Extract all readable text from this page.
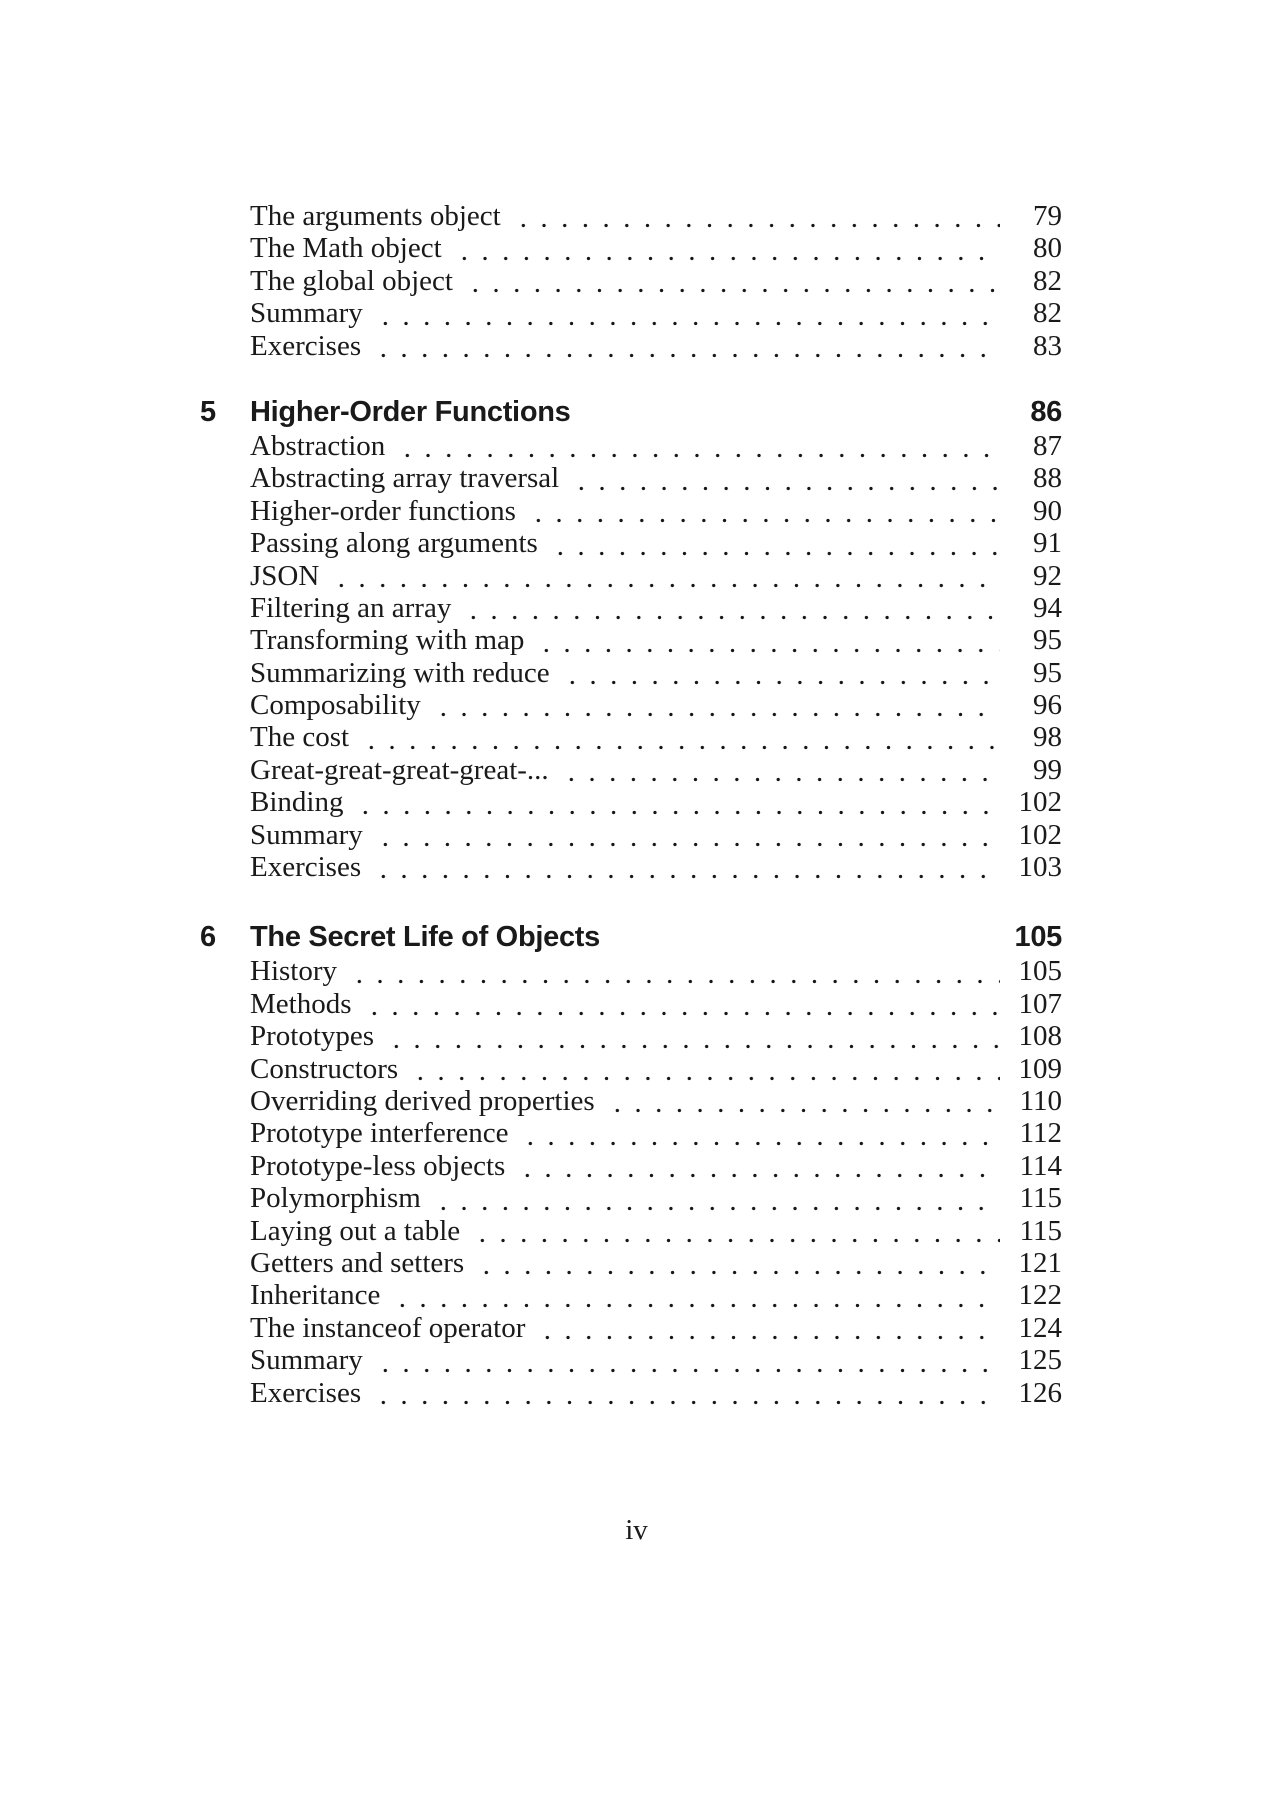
The arguments object	79
The Math object	80
The global object	82
Summary	82
Exercises	83
5 Higher-Order Functions	86
Abstraction	87
Abstracting array traversal	88
Higher-order functions	90
Passing along arguments	91
JSON	92
Filtering an array	94
Transforming with map	95
Summarizing with reduce	95
Composability	96
The cost	98
Great-great-great-great-...	99
Binding	102
Summary	102
Exercises	103
6 The Secret Life of Objects	105
History	105
Methods	107
Prototypes	108
Constructors	109
Overriding derived properties	110
Prototype interference	112
Prototype-less objects	114
Polymorphism	115
Laying out a table	115
Getters and setters	121
Inheritance	122
The instanceof operator	124
Summary	125
Exercises	126
iv
